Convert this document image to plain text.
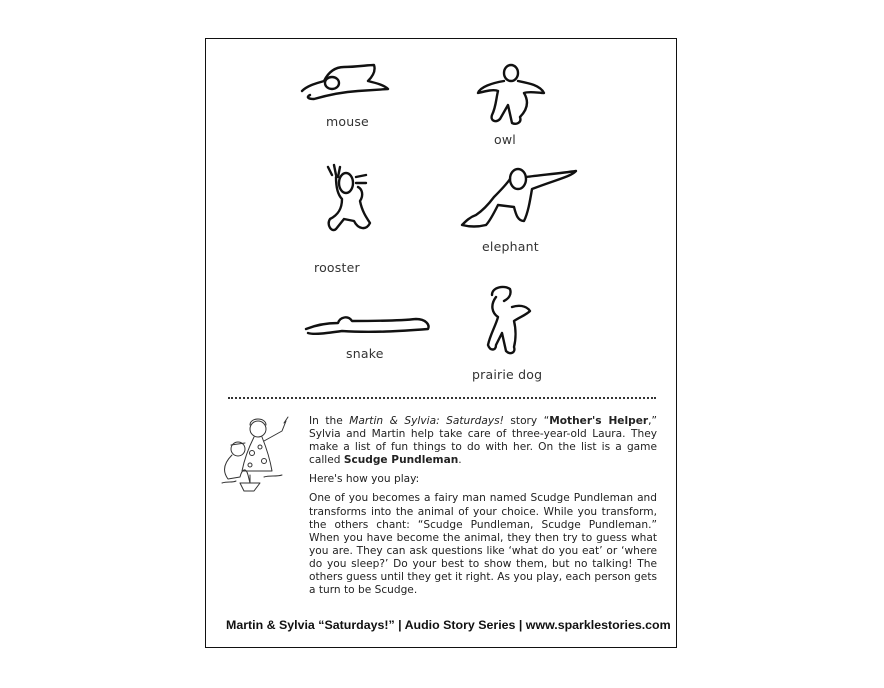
mouse
owl
rooster
elephant
snake
prairie dog

In the Martin & Sylvia: Saturdays! story “Mother's Helper,” Sylvia and Martin help take care of three-year-old Laura. They make a list of fun things to do with her. On the list is a game called Scudge Pundleman.

Here's how you play:

One of you becomes a fairy man named Scudge Pundleman and transforms into the animal of your choice. While you transform, the others chant: “Scudge Pundleman, Scudge Pundleman.” When you have become the animal, they then try to guess what you are. They can ask questions like ‘what do you eat’ or ‘where do you sleep?’ Do your best to show them, but no talking! The others guess until they get it right. As you play, each person gets a turn to be Scudge.

Martin & Sylvia “Saturdays!” | Audio Story Series | www.sparklestories.com
